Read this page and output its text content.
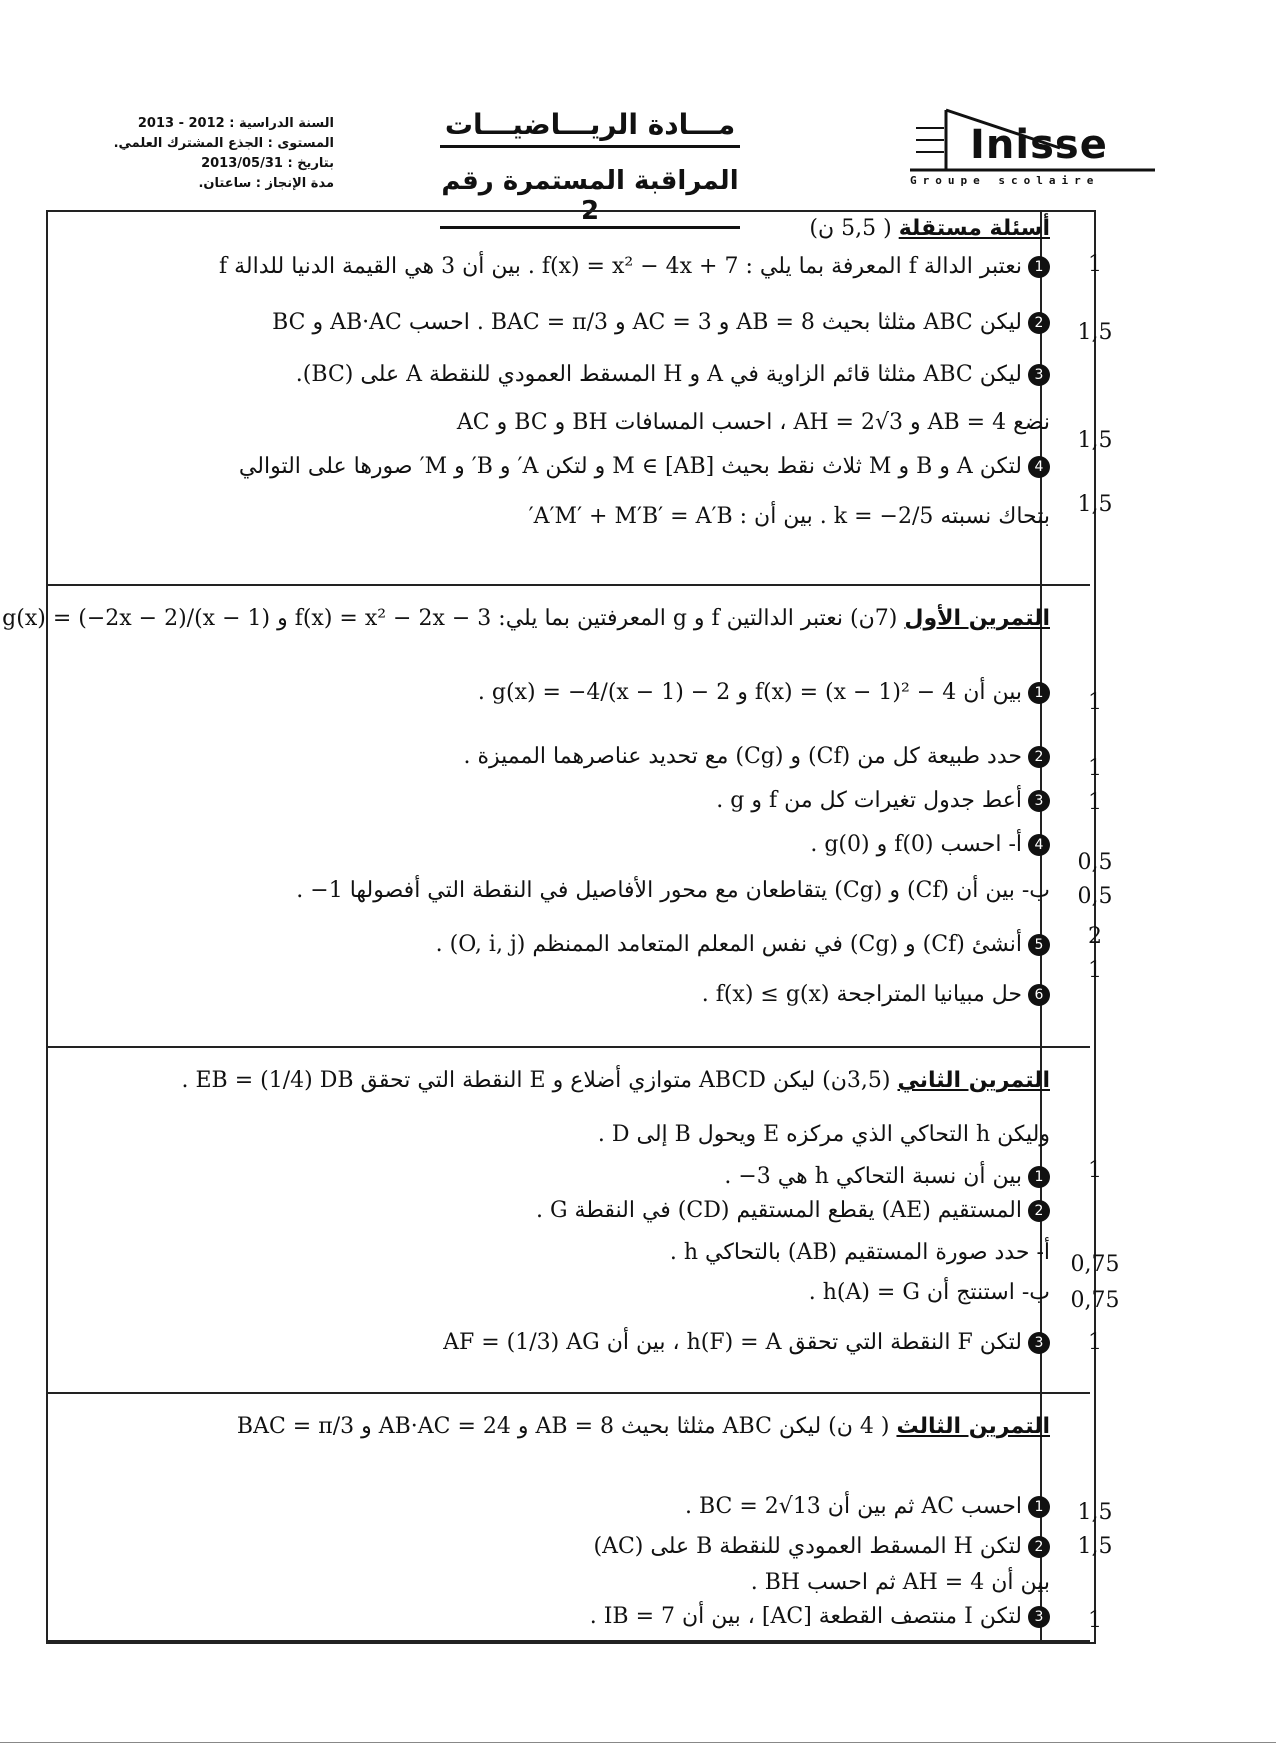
السنة الدراسية : 2012 - 2013
المستوى : الجذع المشترك العلمي.
بتاريخ : 2013/05/31
مدة الإنجاز : ساعتان.
مـــادة الريـــاضيـــات
المراقبة المستمرة رقم 2
Inisse
Groupe scolaire
أسئلة مستقلة ( 5,5 ن)
1نعتبر الدالة f المعرفة بما يلي : f(x) = x² − 4x + 7 . بين أن 3 هي القيمة الدنيا للدالة f
2ليكن ABC مثلثا بحيث AB = 8 و AC = 3 و BAC = π/3 . احسب AB·AC و BC
3ليكن ABC مثلثا قائم الزاوية في A و H المسقط العمودي للنقطة A على (BC).
نضع AB = 4 و AH = 2√3 ، احسب المسافات BH و BC و AC
4لتكن A و B و M ثلاث نقط بحيث M ∈ [AB] و لتكن A′ و B′ و M′ صورها على التوالي
بتحاك نسبته k = −2/5 . بين أن : A′M′ + M′B′ = A′B′
1
1,5
1,5
1,5
التمرين الأول (7ن) نعتبر الدالتين f و g المعرفتين بما يلي: f(x) = x² − 2x − 3 و g(x) = (−2x − 2)/(x − 1)
1بين أن f(x) = (x − 1)² − 4 و g(x) = −4/(x − 1) − 2 .
2حدد طبيعة كل من (Cf) و (Cg) مع تحديد عناصرهما المميزة .
3أعط جدول تغيرات كل من f و g .
4أ- احسب f(0) و g(0) .
ب- بين أن (Cf) و (Cg) يتقاطعان مع محور الأفاصيل في النقطة التي أفصولها 1− .
5أنشئ (Cf) و (Cg) في نفس المعلم المتعامد الممنظم (O, i, j) .
6حل مبيانيا المتراجحة f(x) ≤ g(x) .
1
1
1
0,5
0,5
2
1
التمرين الثاني (3,5ن) ليكن ABCD متوازي أضلاع و E النقطة التي تحقق EB = (1/4) DB .
وليكن h التحاكي الذي مركزه E ويحول B إلى D .
1بين أن نسبة التحاكي h هي 3− .
2المستقيم (AE) يقطع المستقيم (CD) في النقطة G .
أ- حدد صورة المستقيم (AB) بالتحاكي h .
ب- استنتج أن h(A) = G .
3لتكن F النقطة التي تحقق h(F) = A ، بين أن AF = (1/3) AG
1
0,75
0,75
1
التمرين الثالث ( 4 ن) ليكن ABC مثلثا بحيث AB = 8 و AB·AC = 24 و BAC = π/3
1احسب AC ثم بين أن BC = 2√13 .
2لتكن H المسقط العمودي للنقطة B على (AC)
بين أن AH = 4 ثم احسب BH .
3لتكن I منتصف القطعة [AC] ، بين أن IB = 7 .
1,5
1,5
1
